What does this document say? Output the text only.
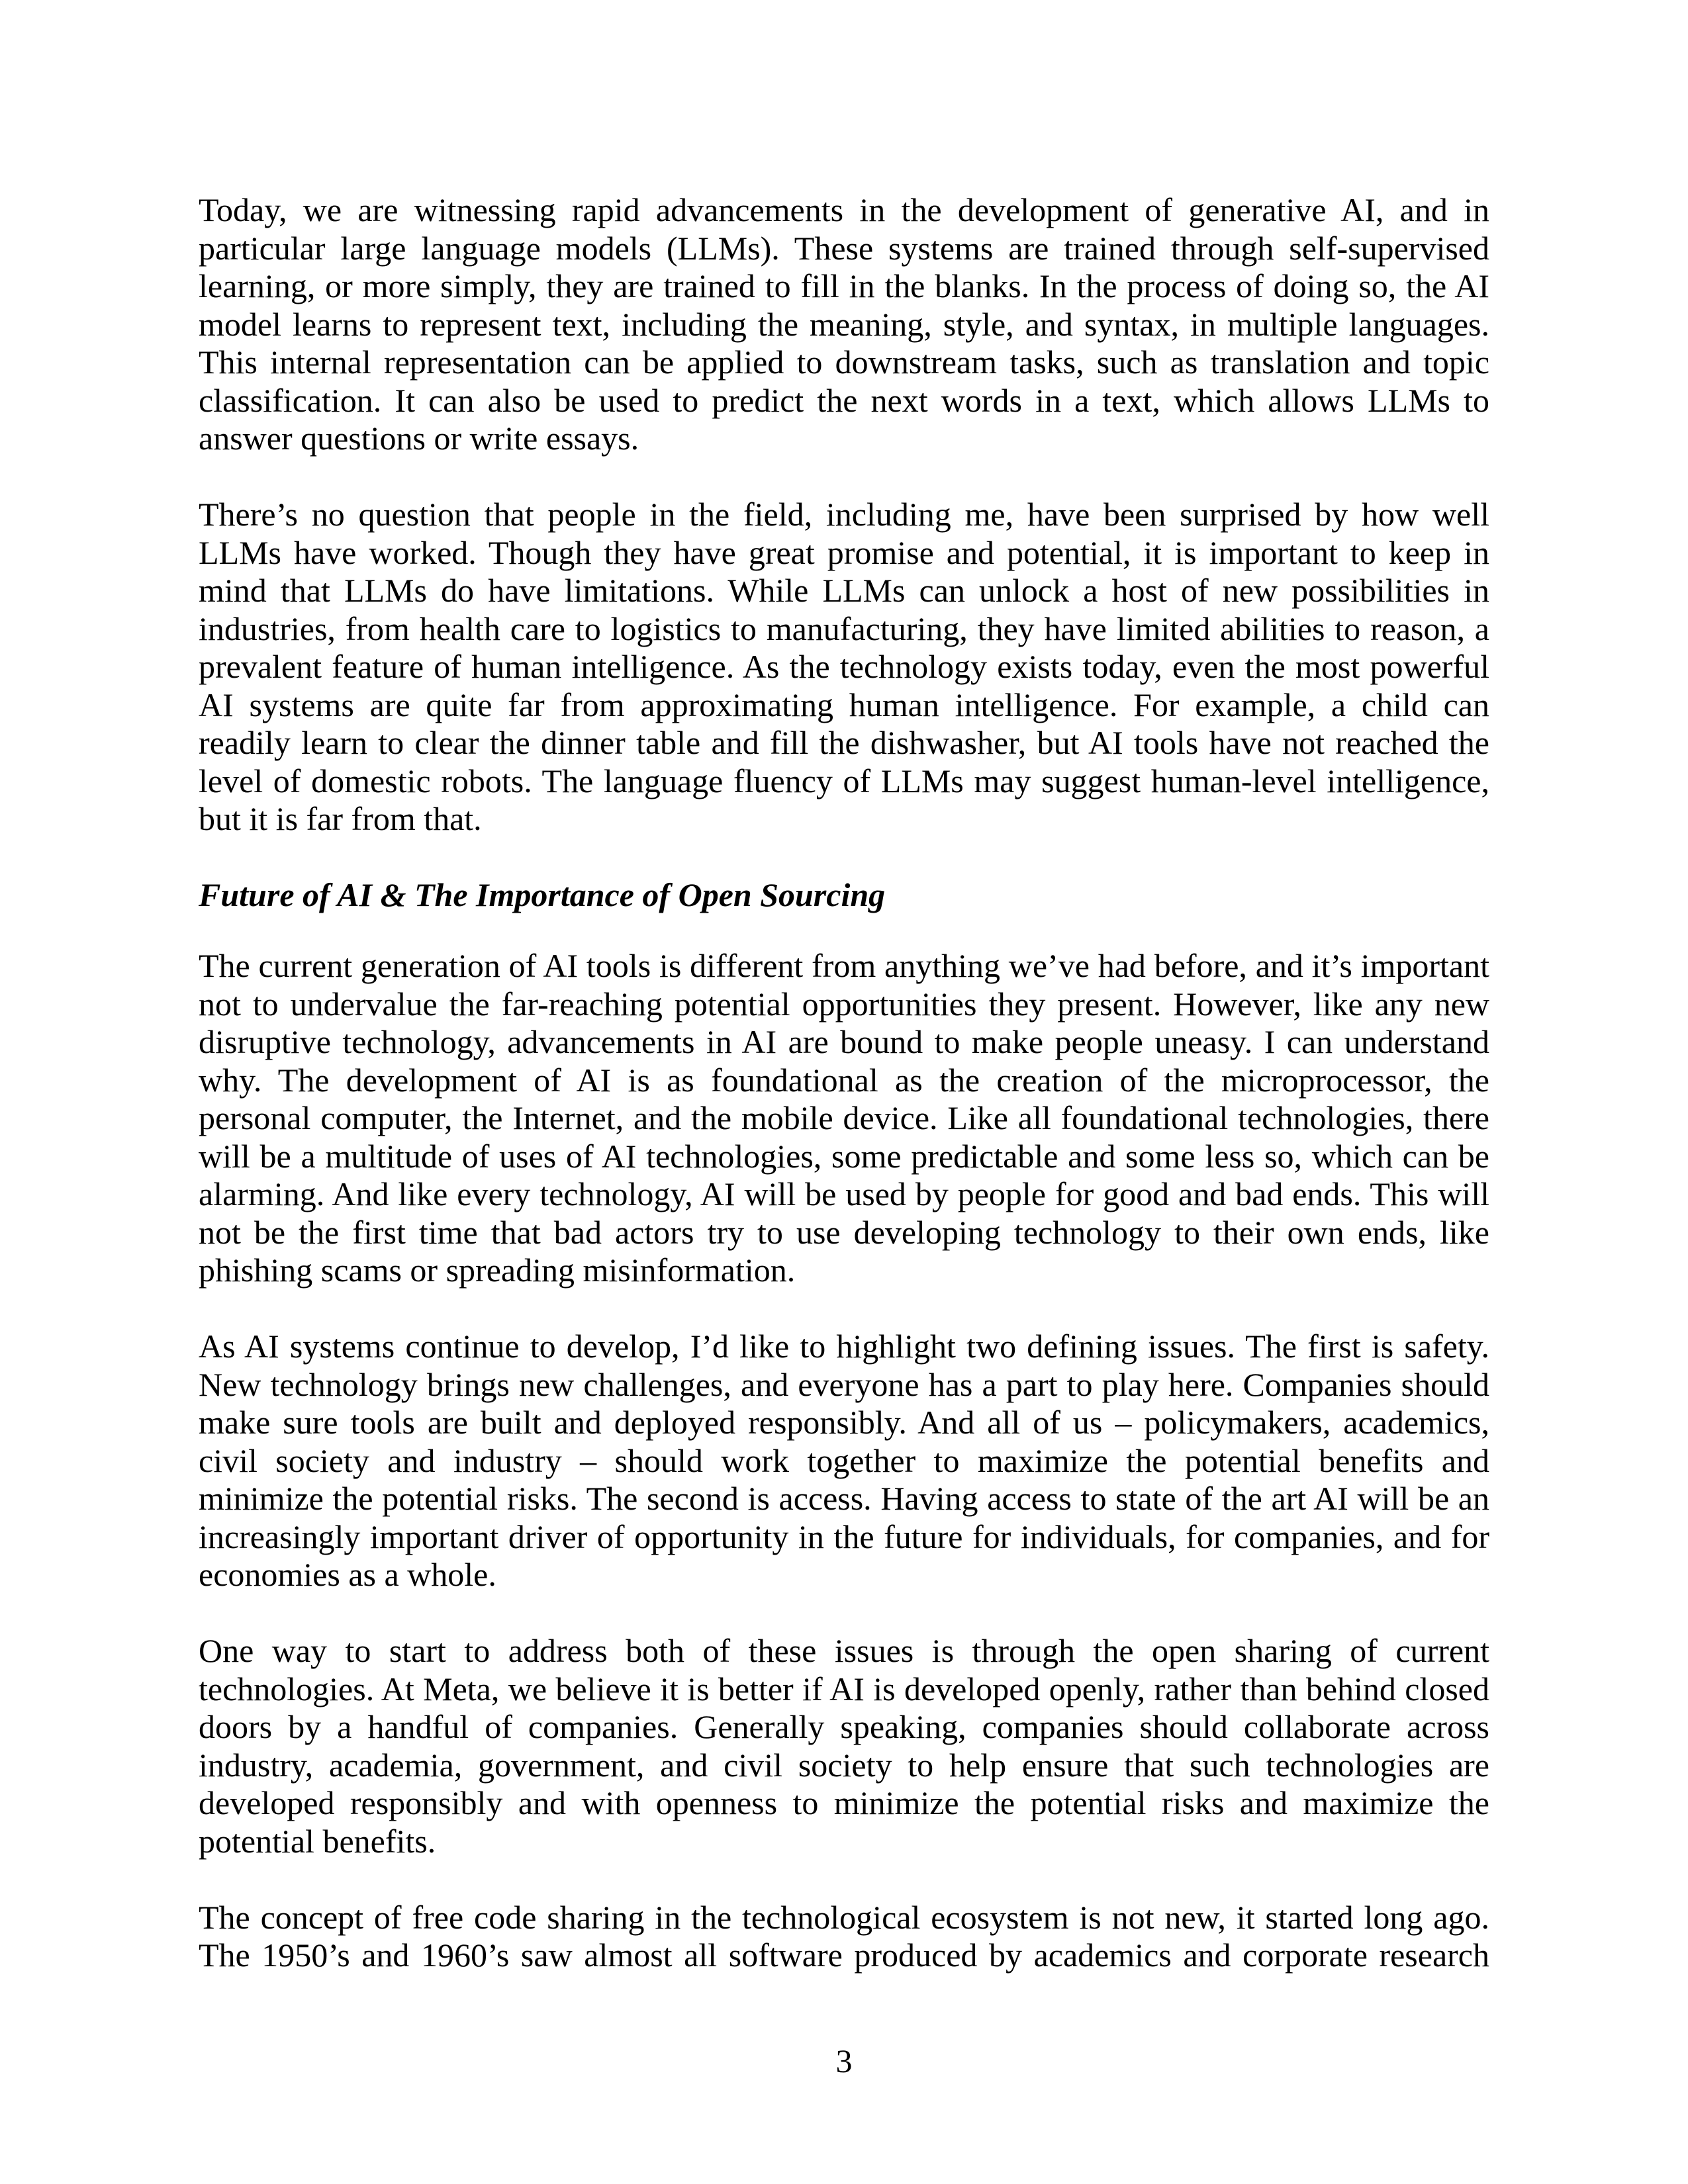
Today, we are witnessing rapid advancements in the development of generative AI, and in
particular large language models (LLMs). These systems are trained through self-supervised
learning, or more simply, they are trained to fill in the blanks. In the process of doing so, the AI
model learns to represent text, including the meaning, style, and syntax, in multiple languages.
This internal representation can be applied to downstream tasks, such as translation and topic
classification. It can also be used to predict the next words in a text, which allows LLMs to
answer questions or write essays.
There’s no question that people in the field, including me, have been surprised by how well
LLMs have worked. Though they have great promise and potential, it is important to keep in
mind that LLMs do have limitations. While LLMs can unlock a host of new possibilities in
industries, from health care to logistics to manufacturing, they have limited abilities to reason, a
prevalent feature of human intelligence. As the technology exists today, even the most powerful
AI systems are quite far from approximating human intelligence. For example, a child can
readily learn to clear the dinner table and fill the dishwasher, but AI tools have not reached the
level of domestic robots. The language fluency of LLMs may suggest human-level intelligence,
but it is far from that.
Future of AI & The Importance of Open Sourcing
The current generation of AI tools is different from anything we’ve had before, and it’s important
not to undervalue the far-reaching potential opportunities they present. However, like any new
disruptive technology, advancements in AI are bound to make people uneasy. I can understand
why. The development of AI is as foundational as the creation of the microprocessor, the
personal computer, the Internet, and the mobile device. Like all foundational technologies, there
will be a multitude of uses of AI technologies, some predictable and some less so, which can be
alarming. And like every technology, AI will be used by people for good and bad ends. This will
not be the first time that bad actors try to use developing technology to their own ends, like
phishing scams or spreading misinformation.
As AI systems continue to develop, I’d like to highlight two defining issues. The first is safety.
New technology brings new challenges, and everyone has a part to play here. Companies should
make sure tools are built and deployed responsibly. And all of us – policymakers, academics,
civil society and industry – should work together to maximize the potential benefits and
minimize the potential risks. The second is access. Having access to state of the art AI will be an
increasingly important driver of opportunity in the future for individuals, for companies, and for
economies as a whole.
One way to start to address both of these issues is through the open sharing of current
technologies. At Meta, we believe it is better if AI is developed openly, rather than behind closed
doors by a handful of companies. Generally speaking, companies should collaborate across
industry, academia, government, and civil society to help ensure that such technologies are
developed responsibly and with openness to minimize the potential risks and maximize the
potential benefits.
The concept of free code sharing in the technological ecosystem is not new, it started long ago.
The 1950’s and 1960’s saw almost all software produced by academics and corporate research
3
